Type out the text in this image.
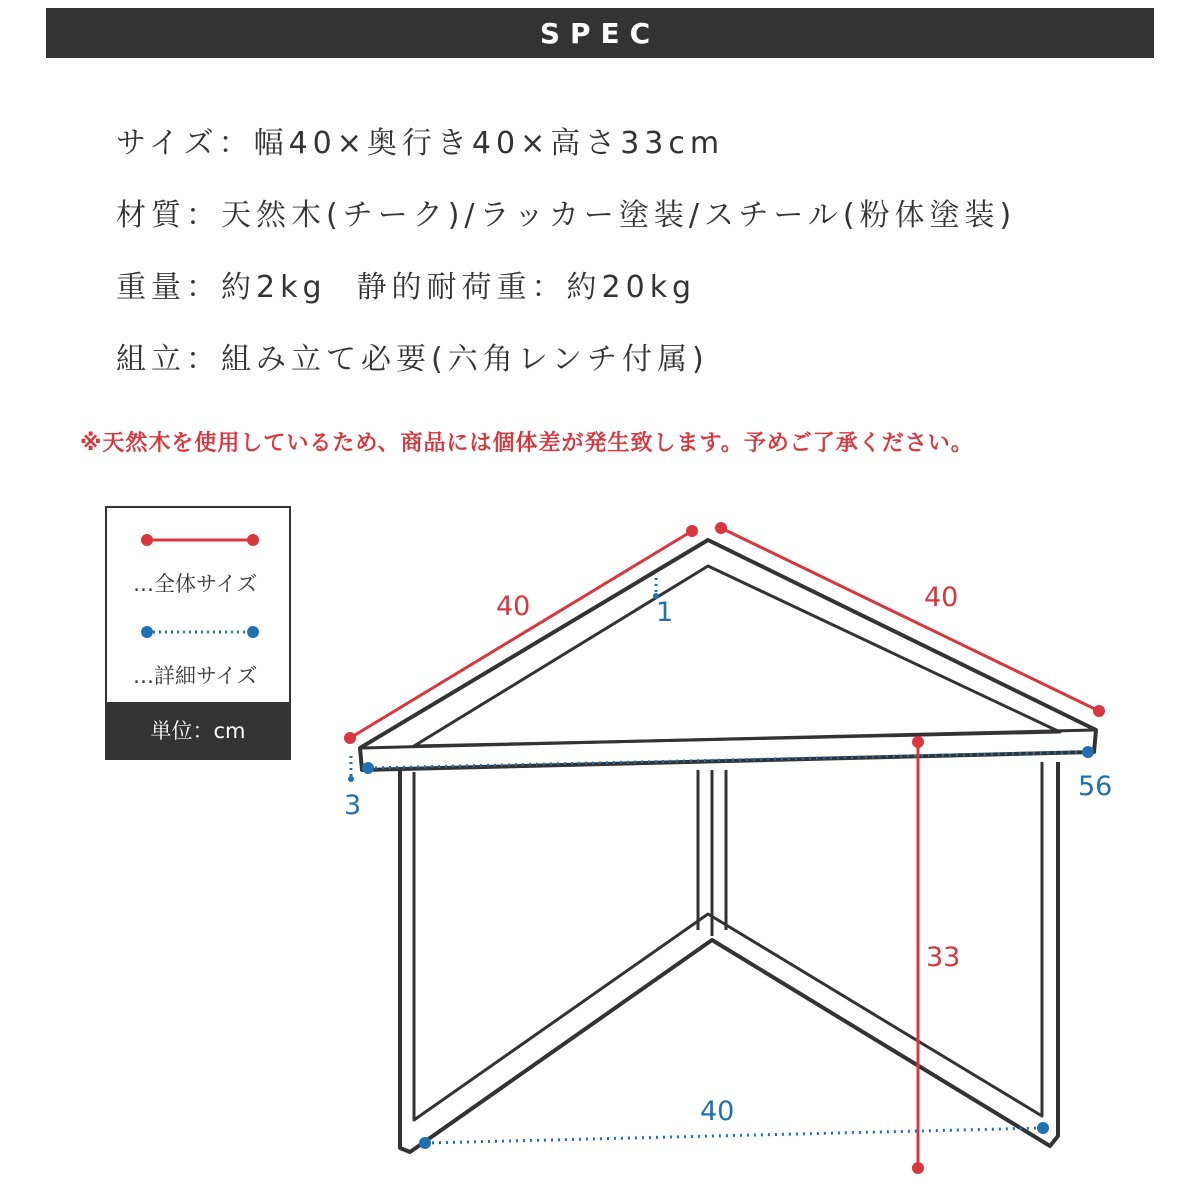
SPEC
サイズ：幅40×奥行き40×高さ33cm
材質：天然木(チーク)/ラッカー塗装/スチール(粉体塗装)
重量：約2kg 静的耐荷重：約20kg
組立：組み立て必要(六角レンチ付属)
※天然木を使用しているため、商品には個体差が発生致します。予めご了承ください。
…全体サイズ
…詳細サイズ
単位：cm
40	40
33
1
3
56
40
